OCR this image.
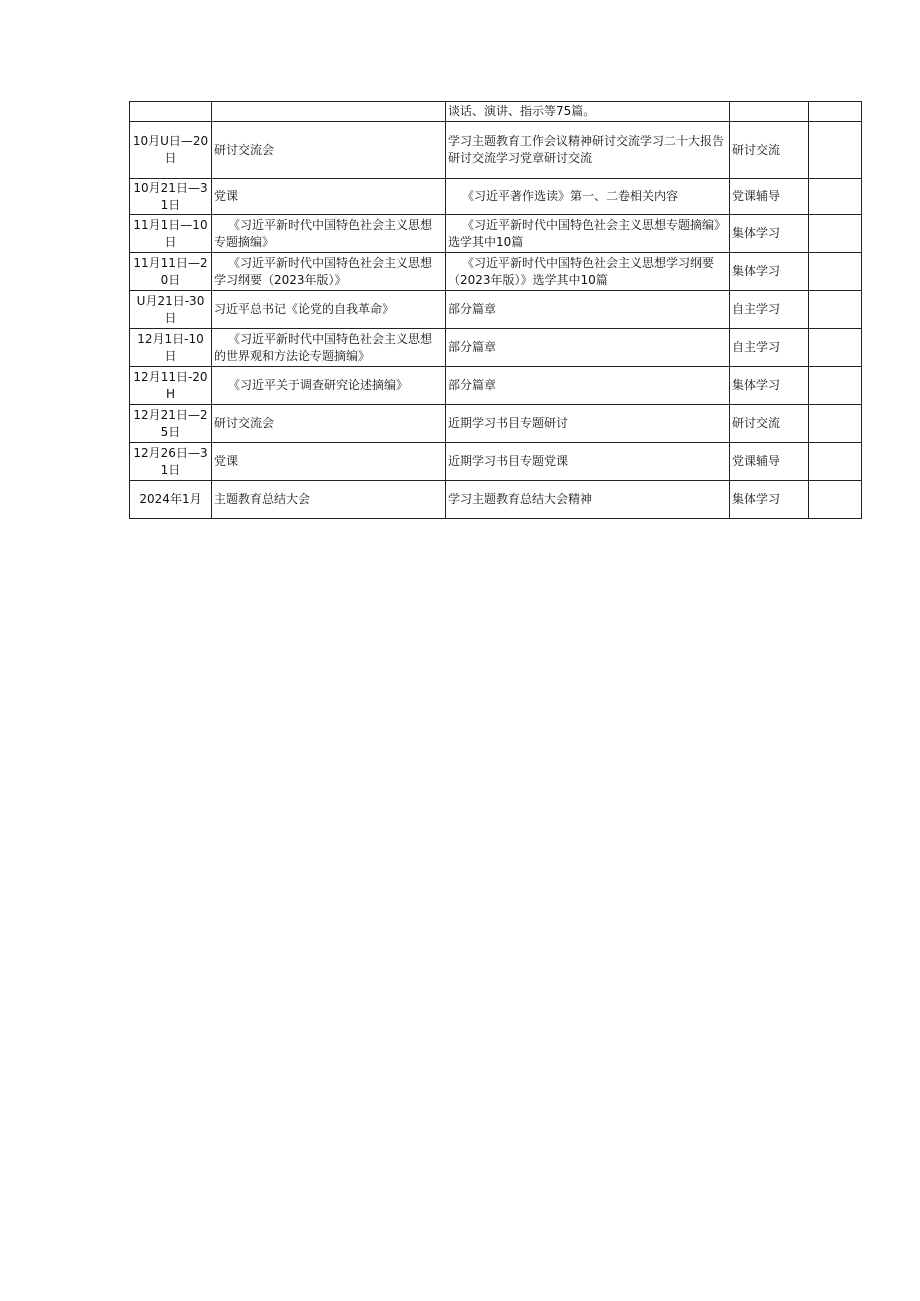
		谈话、演讲、指示等75篇。		
10月U日—20日	研讨交流会	学习主题教育工作会议精神研讨交流学习二十大报告研讨交流学习党章研讨交流	研讨交流	
10月21日—31日	党课	《习近平著作选读》第一、二卷相关内容	党课辅导	
11月1日—10日	《习近平新时代中国特色社会主义思想专题摘编》	《习近平新时代中国特色社会主义思想专题摘编》选学其中10篇	集体学习	
11月11日—20日	《习近平新时代中国特色社会主义思想学习纲要（2023年版）》	《习近平新时代中国特色社会主义思想学习纲要（2023年版）》选学其中10篇	集体学习	
U月21日-30日	习近平总书记《论党的自我革命》	部分篇章	自主学习	
12月1日-10日	《习近平新时代中国特色社会主义思想的世界观和方法论专题摘编》	部分篇章	自主学习	
12月11日-20H	《习近平关于调查研究论述摘编》	部分篇章	集体学习	
12月21日—25日	研讨交流会	近期学习书目专题研讨	研讨交流	
12月26日—31日	党课	近期学习书目专题党课	党课辅导	
2024年1月	主题教育总结大会	学习主题教育总结大会精神	集体学习	
